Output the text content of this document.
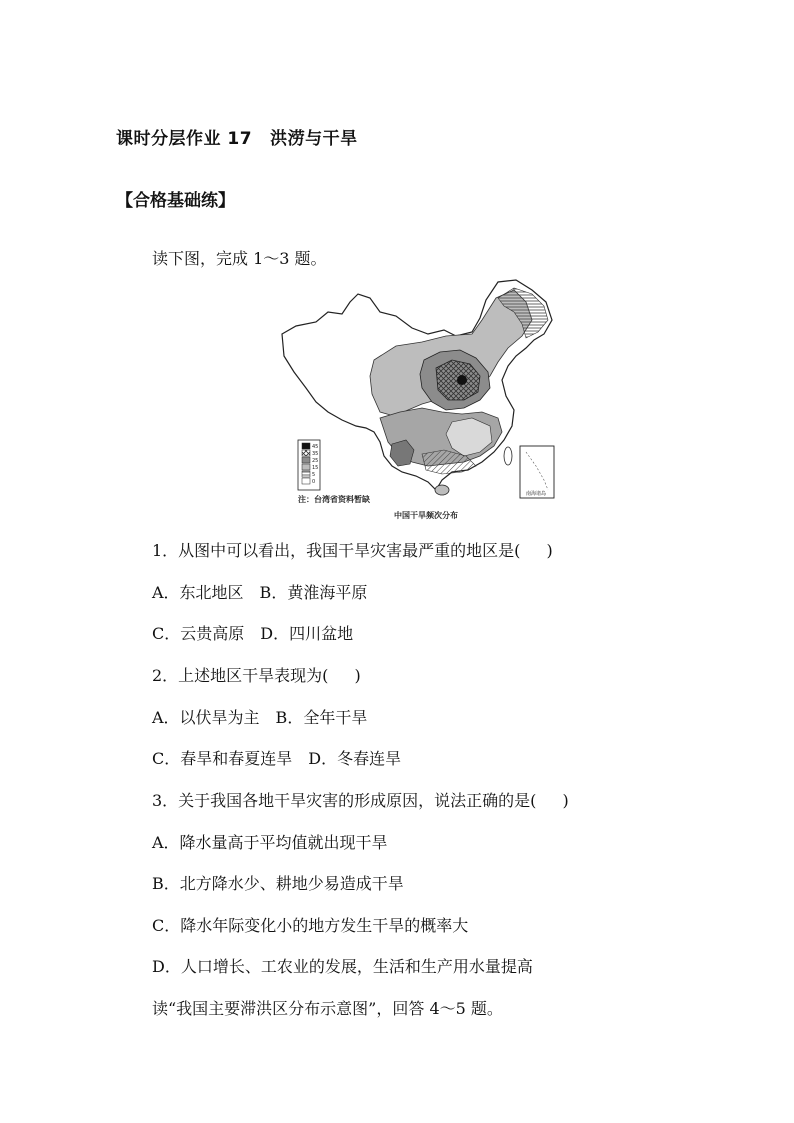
课时分层作业 17 洪涝与干旱
【合格基础练】
读下图，完成 1～3 题。
南海诸岛
45
35
25
15
5
0
注：台湾省资料暂缺
中国干旱频次分布
1．从图中可以看出，我国干旱灾害最严重的地区是( )
A．东北地区　B．黄淮海平原
C．云贵高原　D．四川盆地
2．上述地区干旱表现为( )
A．以伏旱为主　B．全年干旱
C．春旱和春夏连旱　D．冬春连旱
3．关于我国各地干旱灾害的形成原因，说法正确的是( )
A．降水量高于平均值就出现干旱
B．北方降水少、耕地少易造成干旱
C．降水年际变化小的地方发生干旱的概率大
D．人口增长、工农业的发展，生活和生产用水量提高
读“我国主要滞洪区分布示意图”，回答 4～5 题。
